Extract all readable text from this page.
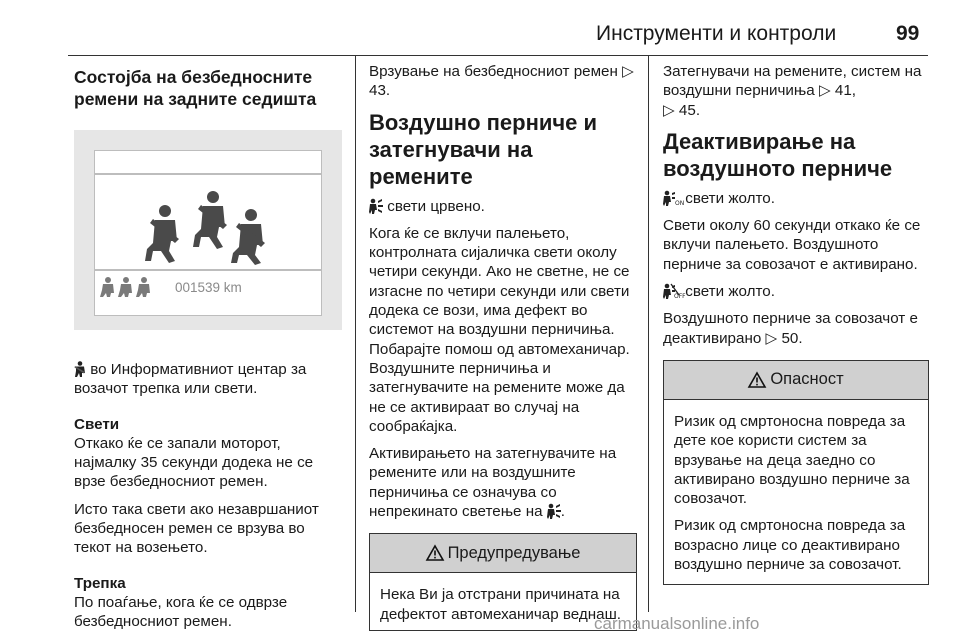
Инструменти и контроли	99
Состојба на безбедносните ремени на задните седишта
001539 km

во Информативниот центар за возачот трепка или свети.

Свети

Откако ќе се запали моторот, најмалку 35 секунди додека не се врзе безбедносниот ремен.

Исто така свети ако незавршаниот безбедносен ремен се врзува во текот на возењето.

Трепка

По поаѓање, кога ќе се одврзе безбедносниот ремен.

Врзување на безбедносниот ремен ▷ 43.

Воздушно перниче и затегнувачи на ремените

свети црвено.

Кога ќе се вклучи палењето, контролната сијаличка свети околу четири секунди. Ако не светне, не се изгасне по четири секунди или свети додека се вози, има дефект во системот на воздушни перничиња. Побарајте помош од автомеханичар. Воздушните перничиња и затегнувачите на ремените може да не се активираат во случај на сообраќајка.

Активирањето на затегнувачите на ремените или на воздушните перничиња се означува со непрекинато светење на .

Предупредување
Нека Ви ја отстрани причината на дефектот автомеханичар веднаш.

Затегнувачи на ремените, систем на воздушни перничиња ▷ 41,
▷ 45.

Деактивирање на воздушното перниче

ON свети жолто.

Свети околу 60 секунди откако ќе се вклучи палењето. Воздушното перниче за совозачот е активирано.

OFF свети жолто.

Воздушното перниче за совозачот е деактивирано ▷ 50.

Опасност

Ризик од смртоносна повреда за дете кое користи систем за врзување на деца заедно со активирано воздушно перниче за совозачот.

Ризик од смртоносна повреда за возрасно лице со деактивирано воздушно перниче за совозачот.

carmanualsonline.info
